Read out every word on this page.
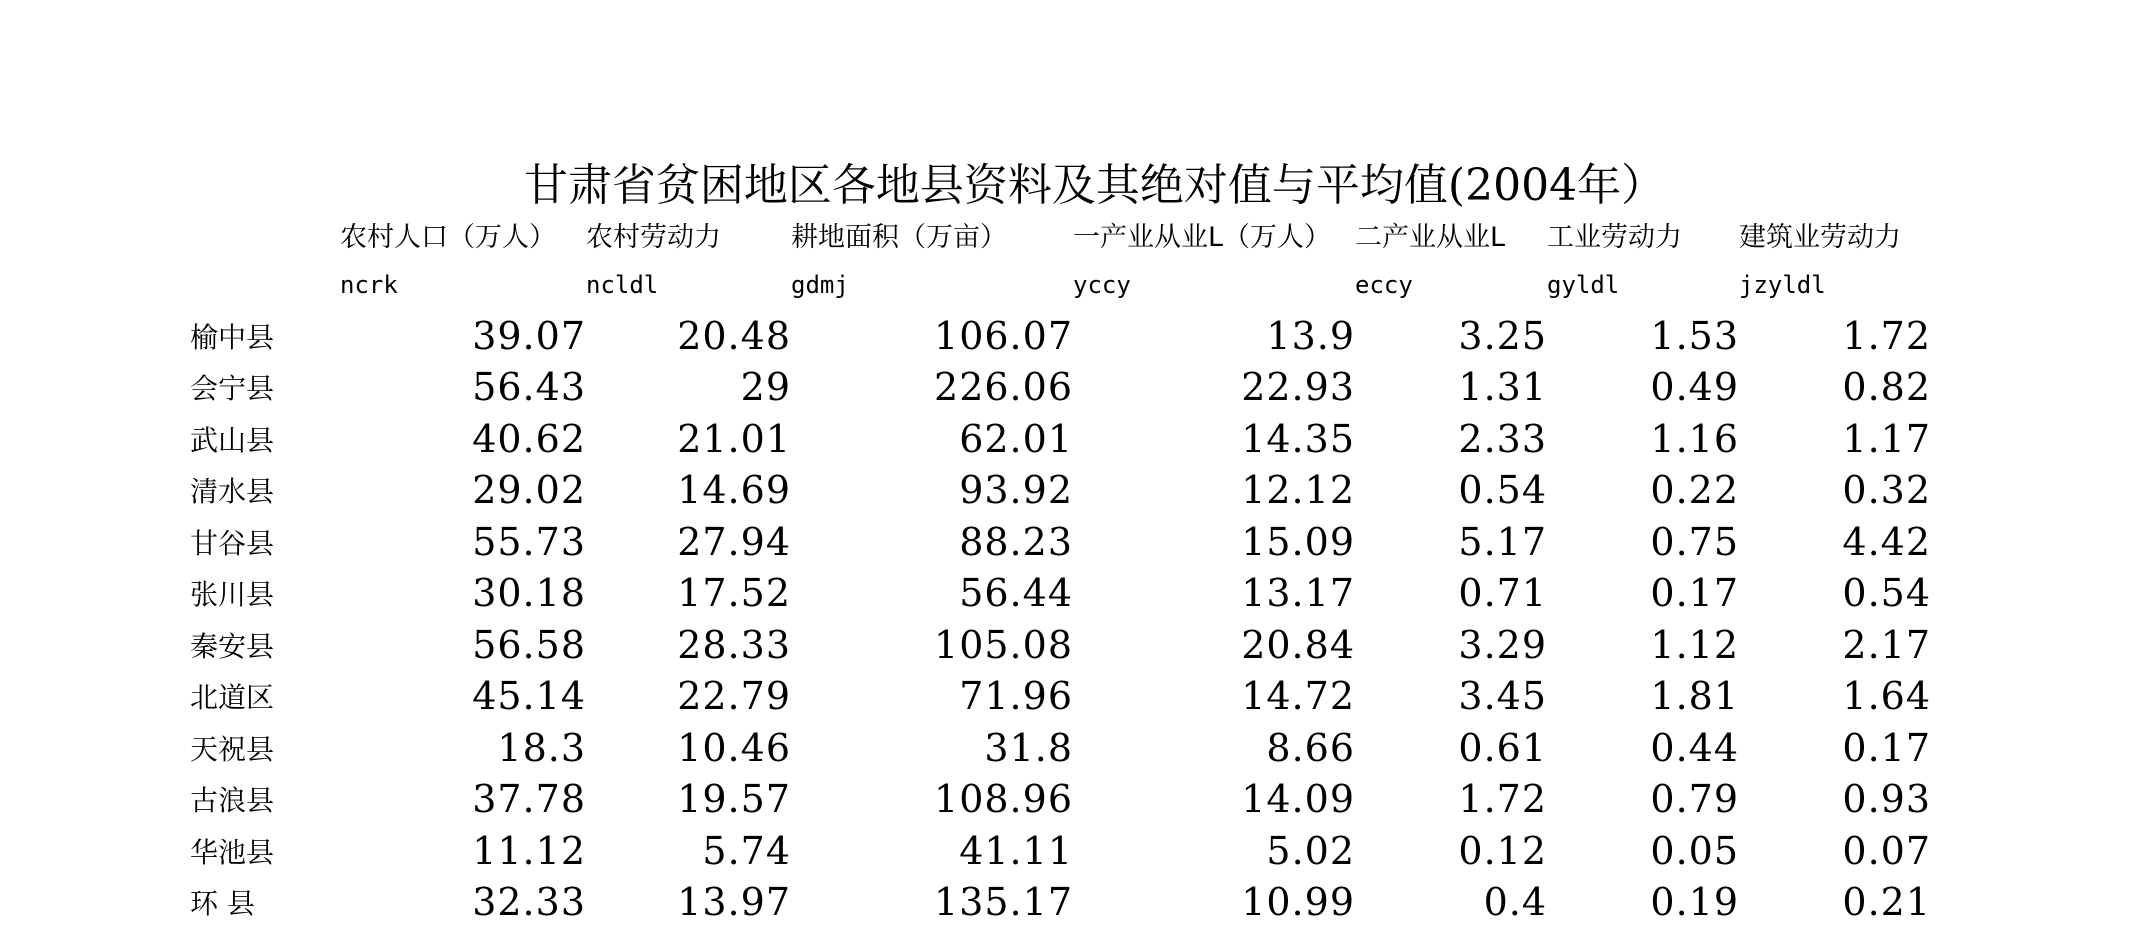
甘肃省贫困地区各地县资料及其绝对值与平均值(2004年）
	农村人口（万人）	农村劳动力	耕地面积（万亩）	一产业从业L（万人）	二产业从业L	工业劳动力	建筑业劳动力
	ncrk	ncldl	gdmj	yccy	eccy	gyldl	jzyldl
榆中县	39.07	20.48	106.07	13.9	3.25	1.53	1.72
会宁县	56.43	29	226.06	22.93	1.31	0.49	0.82
武山县	40.62	21.01	62.01	14.35	2.33	1.16	1.17
清水县	29.02	14.69	93.92	12.12	0.54	0.22	0.32
甘谷县	55.73	27.94	88.23	15.09	5.17	0.75	4.42
张川县	30.18	17.52	56.44	13.17	0.71	0.17	0.54
秦安县	56.58	28.33	105.08	20.84	3.29	1.12	2.17
北道区	45.14	22.79	71.96	14.72	3.45	1.81	1.64
天祝县	18.3	10.46	31.8	8.66	0.61	0.44	0.17
古浪县	37.78	19.57	108.96	14.09	1.72	0.79	0.93
华池县	11.12	5.74	41.11	5.02	0.12	0.05	0.07
环 县	32.33	13.97	135.17	10.99	0.4	0.19	0.21
